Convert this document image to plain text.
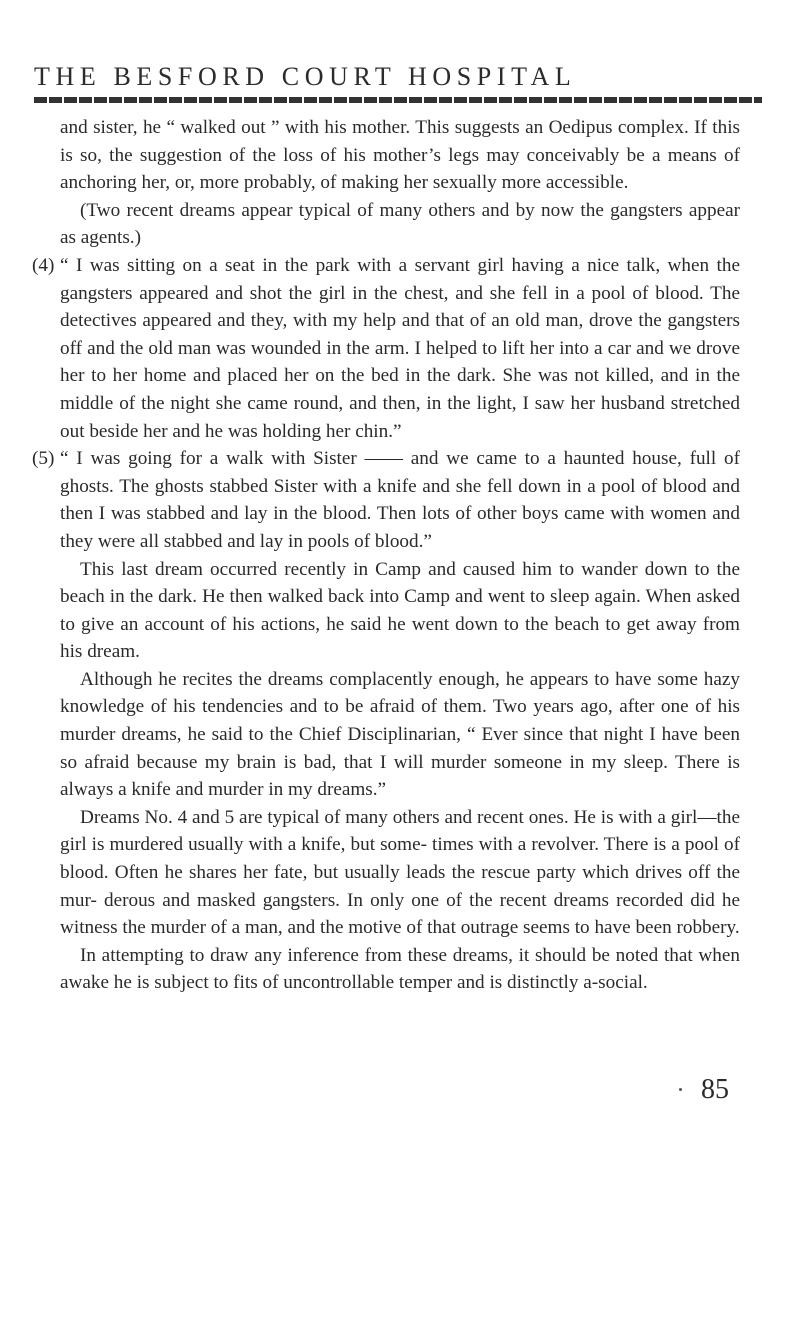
THE BESFORD COURT HOSPITAL

and sister, he “ walked out ” with his mother. This suggests an Oedipus complex. If this is so, the suggestion of the loss of his mother’s legs may conceivably be a means of anchoring her, or, more probably, of making her sexually more accessible.

(Two recent dreams appear typical of many others and by now the gangsters appear as agents.)

(4) “ I was sitting on a seat in the park with a servant girl having a nice talk, when the gangsters appeared and shot the girl in the chest, and she fell in a pool of blood. The detectives appeared and they, with my help and that of an old man, drove the gangsters off and the old man was wounded in the arm. I helped to lift her into a car and we drove her to her home and placed her on the bed in the dark. She was not killed, and in the middle of the night she came round, and then, in the light, I saw her husband stretched out beside her and he was holding her chin.”

(5) “ I was going for a walk with Sister —— and we came to a haunted house, full of ghosts. The ghosts stabbed Sister with a knife and she fell down in a pool of blood and then I was stabbed and lay in the blood. Then lots of other boys came with women and they were all stabbed and lay in pools of blood.”

This last dream occurred recently in Camp and caused him to wander down to the beach in the dark. He then walked back into Camp and went to sleep again. When asked to give an account of his actions, he said he went down to the beach to get away from his dream.

Although he recites the dreams complacently enough, he appears to have some hazy knowledge of his tendencies and to be afraid of them. Two years ago, after one of his murder dreams, he said to the Chief Disciplinarian, “ Ever since that night I have been so afraid because my brain is bad, that I will murder someone in my sleep. There is always a knife and murder in my dreams.”

Dreams No. 4 and 5 are typical of many others and recent ones. He is with a girl—the girl is murdered usually with a knife, but some- times with a revolver. There is a pool of blood. Often he shares her fate, but usually leads the rescue party which drives off the mur- derous and masked gangsters. In only one of the recent dreams recorded did he witness the murder of a man, and the motive of that outrage seems to have been robbery.

In attempting to draw any inference from these dreams, it should be noted that when awake he is subject to fits of uncontrollable temper and is distinctly a-social.

85
